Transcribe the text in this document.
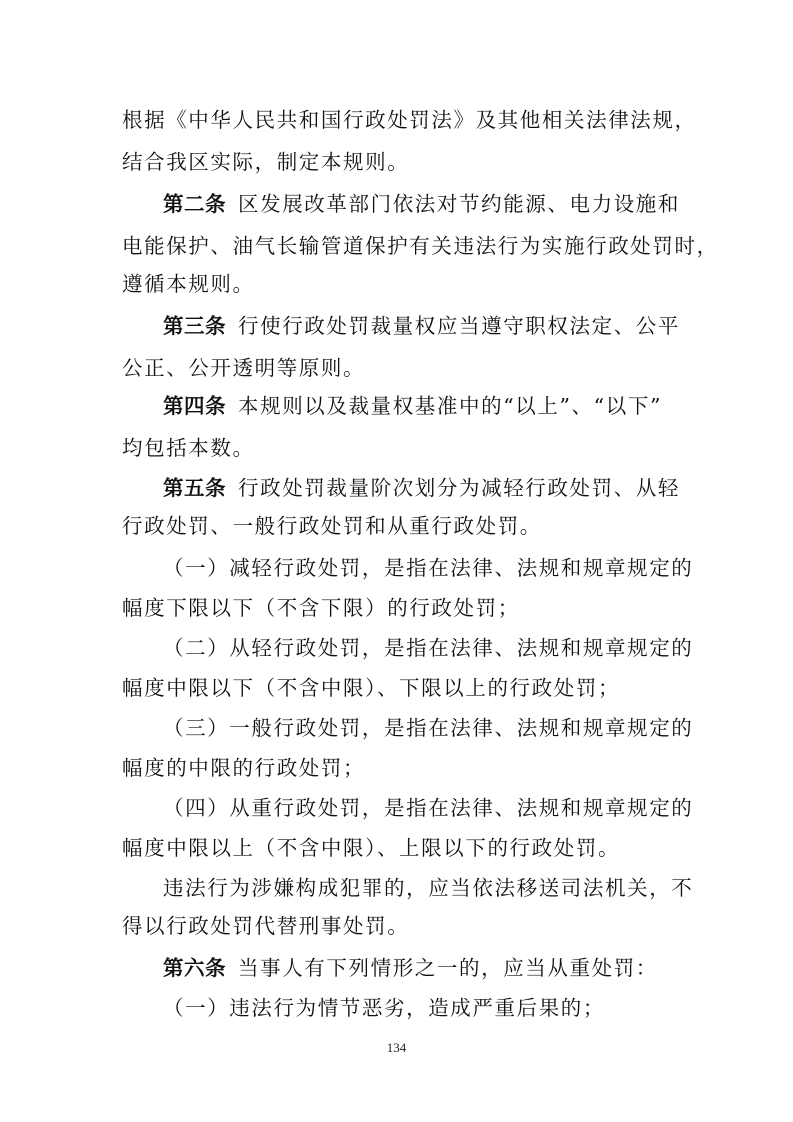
根据《中华人民共和国行政处罚法》及其他相关法律法规，
结合我区实际，制定本规则。
第二条 区发展改革部门依法对节约能源、电力设施和
电能保护、油气长输管道保护有关违法行为实施行政处罚时，
遵循本规则。
第三条 行使行政处罚裁量权应当遵守职权法定、公平
公正、公开透明等原则。
第四条 本规则以及裁量权基准中的“以上”、“以下”
均包括本数。
第五条 行政处罚裁量阶次划分为减轻行政处罚、从轻
行政处罚、一般行政处罚和从重行政处罚。
（一）减轻行政处罚，是指在法律、法规和规章规定的
幅度下限以下（不含下限）的行政处罚；
（二）从轻行政处罚，是指在法律、法规和规章规定的
幅度中限以下（不含中限）、下限以上的行政处罚；
（三）一般行政处罚，是指在法律、法规和规章规定的
幅度的中限的行政处罚；
（四）从重行政处罚，是指在法律、法规和规章规定的
幅度中限以上（不含中限）、上限以下的行政处罚。
违法行为涉嫌构成犯罪的，应当依法移送司法机关，不
得以行政处罚代替刑事处罚。
第六条 当事人有下列情形之一的，应当从重处罚：
（一）违法行为情节恶劣，造成严重后果的；
134
